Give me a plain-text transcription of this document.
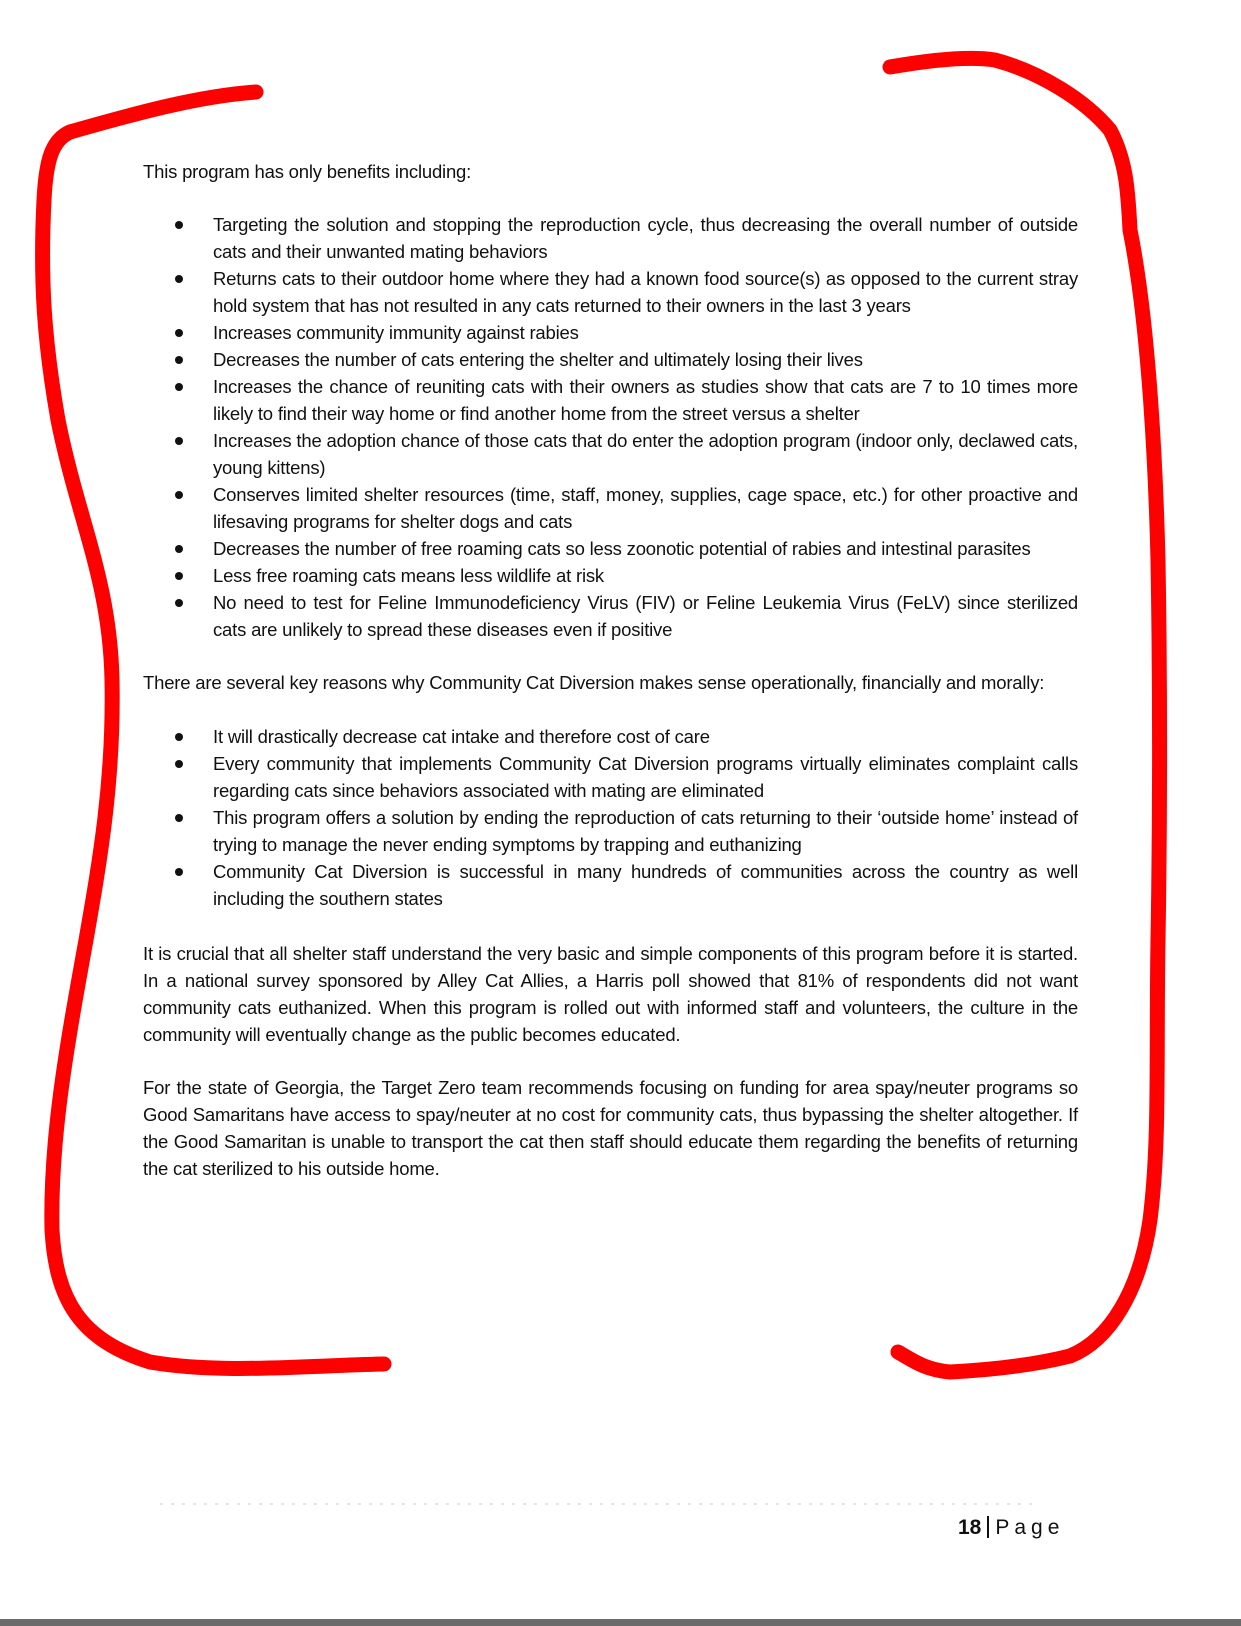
This program has only benefits including:

Targeting the solution and stopping the reproduction cycle, thus decreasing the overall number of outside cats and their unwanted mating behaviors
Returns cats to their outdoor home where they had a known food source(s) as opposed to the current stray hold system that has not resulted in any cats returned to their owners in the last 3 years
Increases community immunity against rabies
Decreases the number of cats entering the shelter and ultimately losing their lives
Increases the chance of reuniting cats with their owners as studies show that cats are 7 to 10 times more likely to find their way home or find another home from the street versus a shelter
Increases the adoption chance of those cats that do enter the adoption program (indoor only, declawed cats, young kittens)
Conserves limited shelter resources (time, staff, money, supplies, cage space, etc.) for other proactive and lifesaving programs for shelter dogs and cats
Decreases the number of free roaming cats so less zoonotic potential of rabies and intestinal parasites
Less free roaming cats means less wildlife at risk
No need to test for Feline Immunodeficiency Virus (FIV) or Feline Leukemia Virus (FeLV) since sterilized cats are unlikely to spread these diseases even if positive

There are several key reasons why Community Cat Diversion makes sense operationally, financially and morally:

It will drastically decrease cat intake and therefore cost of care
Every community that implements Community Cat Diversion programs virtually eliminates complaint calls regarding cats since behaviors associated with mating are eliminated
This program offers a solution by ending the reproduction of cats returning to their ‘outside home’ instead of trying to manage the never ending symptoms by trapping and euthanizing
Community Cat Diversion is successful in many hundreds of communities across the country as well including the southern states

It is crucial that all shelter staff understand the very basic and simple components of this program before it is started. In a national survey sponsored by Alley Cat Allies, a Harris poll showed that 81% of respondents did not want community cats euthanized. When this program is rolled out with informed staff and volunteers, the culture in the community will eventually change as the public becomes educated.

For the state of Georgia, the Target Zero team recommends focusing on funding for area spay/neuter programs so Good Samaritans have access to spay/neuter at no cost for community cats, thus bypassing the shelter altogether. If the Good Samaritan is unable to transport the cat then staff should educate them regarding the benefits of returning the cat sterilized to his outside home.

18 Page
